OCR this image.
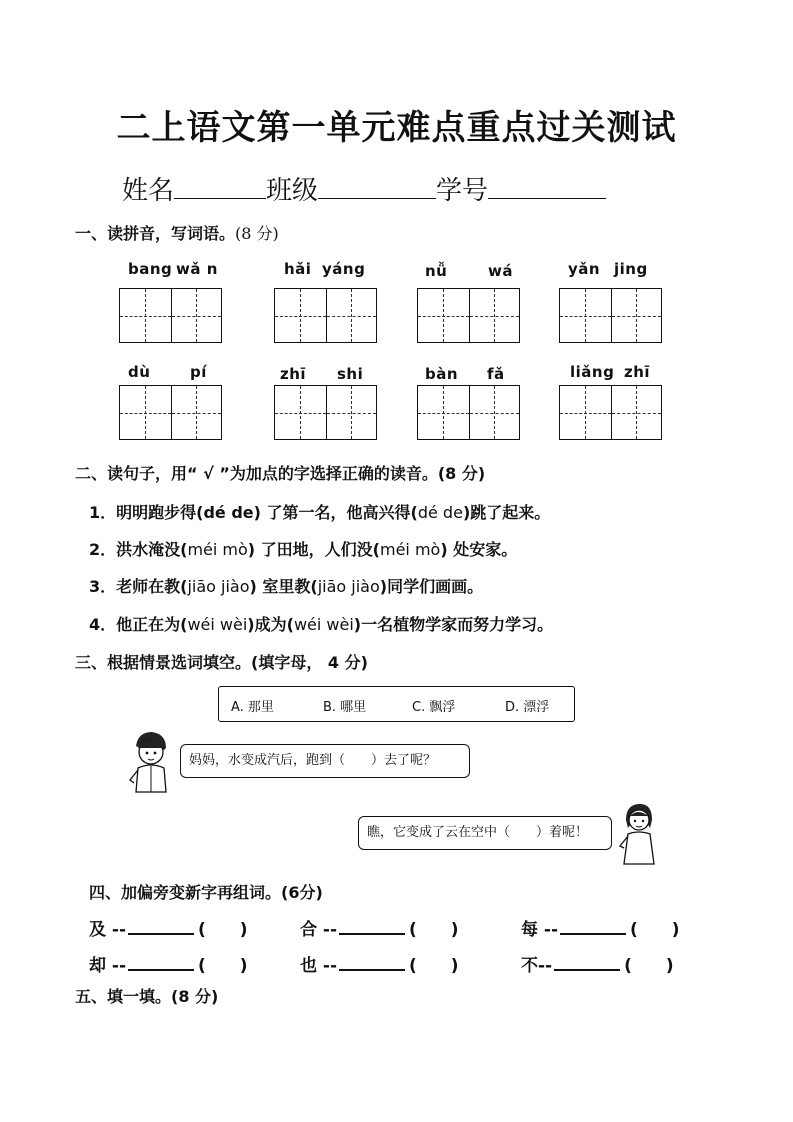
二上语文第一单元难点重点过关测试
姓名	班级	学号
一、读拼音，写词语。(8 分)
bang wǎ n	hǎi yáng	nǚ	wá	yǎn jing
dù	pí	zhī shi	bàn fǎ	liǎng zhī
二、读句子，用“ √ ”为加点的字选择正确的读音。(8 分)
1．明明跑步得(dé de) 了第一名，他高兴得(dé de)跳了起来。
2．洪水淹没(méi mò) 了田地，人们没(méi mò) 处安家。
3．老师在教(jiāo jiào) 室里教(jiāo jiào)同学们画画。
4．他正在为(wéi wèi)成为(wéi wèi)一名植物学家而努力学习。
三、根据情景选词填空。(填字母， 4 分)
A. 那里	B. 哪里	C. 飘浮	D. 漂浮
妈妈，水变成汽后，跑到（　　）去了呢？
瞧，它变成了云在空中（　　）着呢！
四、加偏旁变新字再组词。(6分)
及 --	(　　)	合 --	(　　)	每 --	(　　)
却 --	(　　)	也 --	(　　)	不--	(　　)
五、填一填。(8 分)
